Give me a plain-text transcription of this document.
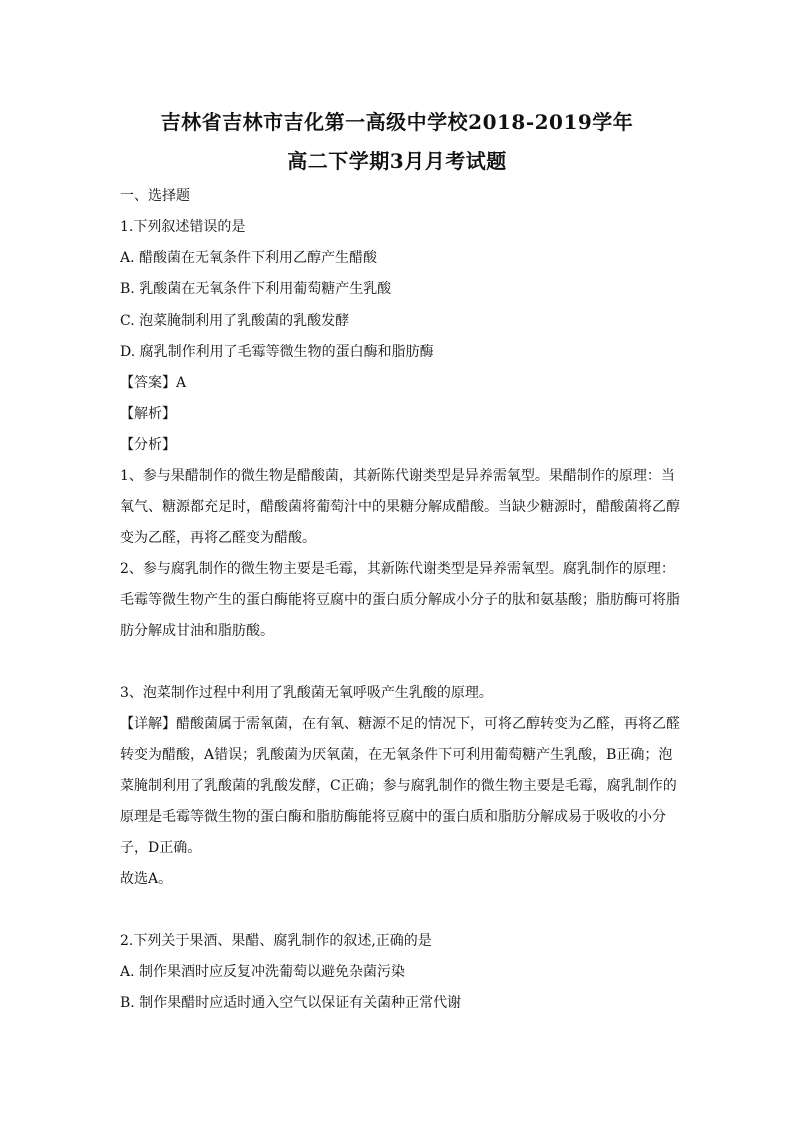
吉林省吉林市吉化第一高级中学校2018-2019学年
高二下学期3月月考试题
一、选择题
1.下列叙述错误的是
A. 醋酸菌在无氧条件下利用乙醇产生醋酸
B. 乳酸菌在无氧条件下利用葡萄糖产生乳酸
C. 泡菜腌制利用了乳酸菌的乳酸发酵
D. 腐乳制作利用了毛霉等微生物的蛋白酶和脂肪酶
【答案】A
【解析】
【分析】
1、参与果醋制作的微生物是醋酸菌，其新陈代谢类型是异养需氧型。果醋制作的原理：当
氧气、糖源都充足时，醋酸菌将葡萄汁中的果糖分解成醋酸。当缺少糖源时，醋酸菌将乙醇
变为乙醛，再将乙醛变为醋酸。
2、参与腐乳制作的微生物主要是毛霉，其新陈代谢类型是异养需氧型。腐乳制作的原理：
毛霉等微生物产生的蛋白酶能将豆腐中的蛋白质分解成小分子的肽和氨基酸；脂肪酶可将脂
肪分解成甘油和脂肪酸。
3、泡菜制作过程中利用了乳酸菌无氧呼吸产生乳酸的原理。
【详解】醋酸菌属于需氧菌，在有氧、糖源不足的情况下，可将乙醇转变为乙醛，再将乙醛
转变为醋酸，A错误；乳酸菌为厌氧菌，在无氧条件下可利用葡萄糖产生乳酸，B正确；泡
菜腌制利用了乳酸菌的乳酸发酵，C正确；参与腐乳制作的微生物主要是毛霉，腐乳制作的
原理是毛霉等微生物的蛋白酶和脂肪酶能将豆腐中的蛋白质和脂肪分解成易于吸收的小分
子，D正确。
故选A。
2.下列关于果酒、果醋、腐乳制作的叙述,正确的是
A. 制作果酒时应反复冲洗葡萄以避免杂菌污染
B. 制作果醋时应适时通入空气以保证有关菌种正常代谢
